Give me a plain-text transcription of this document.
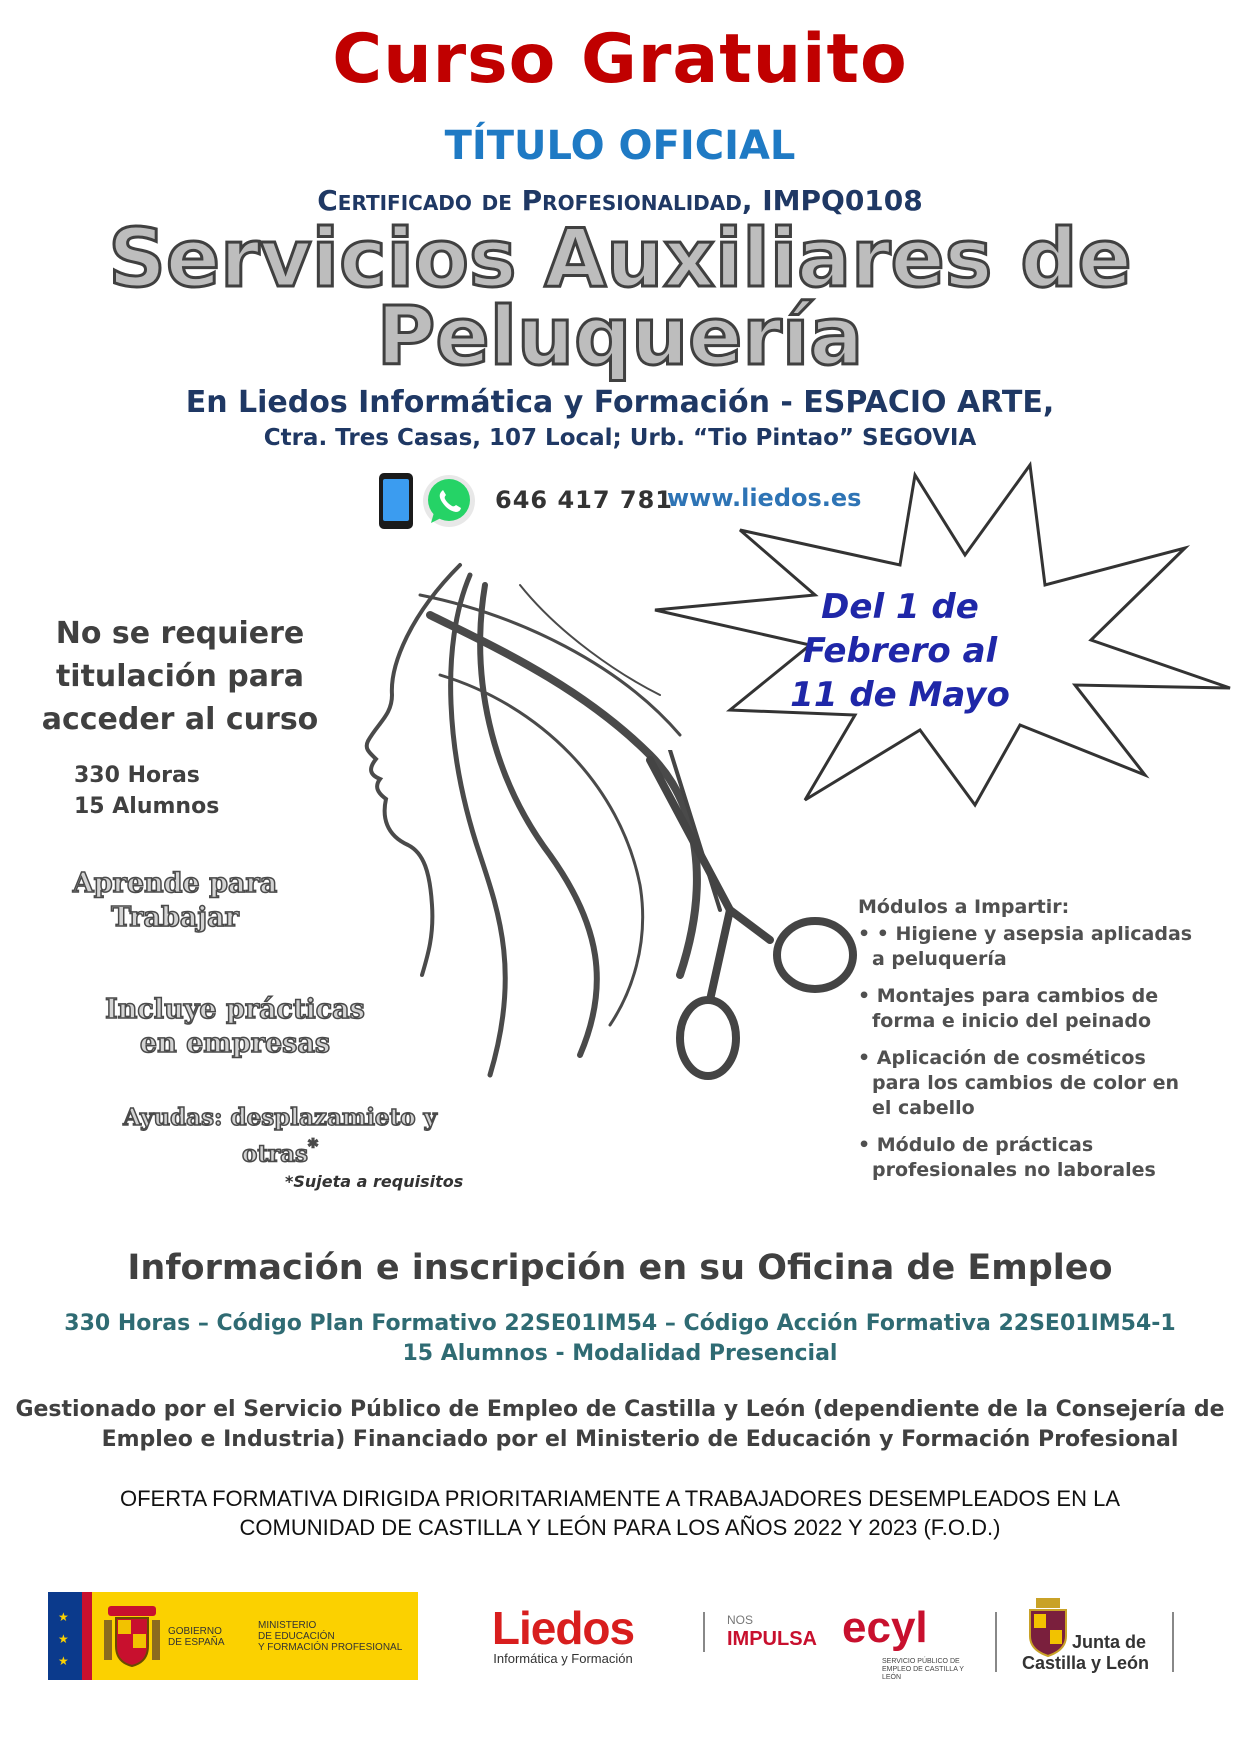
Curso Gratuito
TÍTULO OFICIAL
Certificado de Profesionalidad, IMPQ0108
Servicios Auxiliares de
Peluquería
En Liedos Informática y Formación - ESPACIO ARTE,
Ctra. Tres Casas, 107 Local; Urb. “Tio Pintao” SEGOVIA
646 417 781
www.liedos.es
Del 1 de
Febrero al
11 de Mayo
No se requiere
titulación para
acceder al curso
330 Horas
15 Alumnos
Aprende para
Trabajar
Incluye prácticas
en empresas
Ayudas: desplazamieto y
otras*
*Sujeta a requisitos
Módulos a Impartir:
• • Higiene y asepsia aplicadas a peluquería
• Montajes para cambios de forma e inicio del peinado
• Aplicación de cosméticos para los cambios de color en el cabello
• Módulo de prácticas profesionales no laborales
Información e inscripción en su Oficina de Empleo
330 Horas – Código Plan Formativo 22SE01IM54 – Código Acción Formativa 22SE01IM54-1
15 Alumnos - Modalidad Presencial
Gestionado por el Servicio Público de Empleo de Castilla y León (dependiente de la Consejería de
Empleo e Industria) Financiado por el Ministerio de Educación y Formación Profesional
OFERTA FORMATIVA DIRIGIDA PRIORITARIAMENTE A TRABAJADORES DESEMPLEADOS EN LA
COMUNIDAD DE CASTILLA Y LEÓN PARA LOS AÑOS 2022 Y 2023 (F.O.D.)
★
★
★
GOBIERNO
DE ESPAÑA
MINISTERIO
DE EDUCACIÓN
Y FORMACIÓN PROFESIONAL Liedos
Informática y Formación
NOS
IMPULSA ecyl
SERVICIO PÚBLICO DE EMPLEO DE CASTILLA Y LEÓN
Junta de
Castilla y León
